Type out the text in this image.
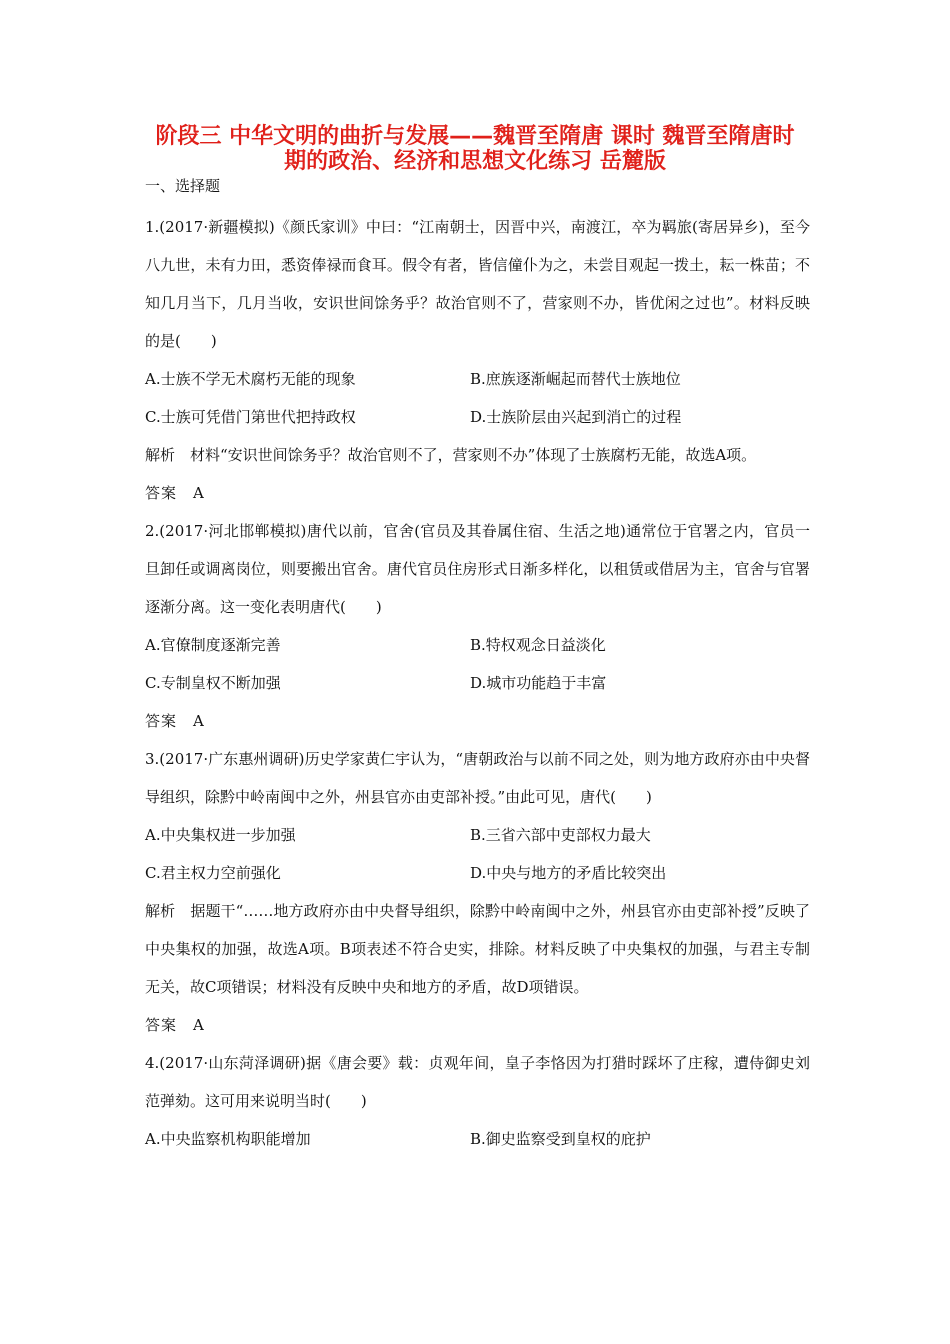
阶段三 中华文明的曲折与发展——魏晋至隋唐 课时 魏晋至隋唐时
期的政治、经济和思想文化练习 岳麓版
一、选择题
1.(2017·新疆模拟)《颜氏家训》中曰：“江南朝士，因晋中兴，南渡江，卒为羁旅(寄居异乡)，至今八九世，未有力田，悉资俸禄而食耳。假令有者，皆信僮仆为之，未尝目观起一拨土，耘一株苗；不知几月当下，几月当收，安识世间馀务乎？故治官则不了，营家则不办，皆优闲之过也”。材料反映的是(　　)
A.士族不学无术腐朽无能的现象	B.庶族逐渐崛起而替代士族地位
C.士族可凭借门第世代把持政权	D.士族阶层由兴起到消亡的过程
解析　材料“安识世间馀务乎？故治官则不了，营家则不办”体现了士族腐朽无能，故选A项。
答案　A
2.(2017·河北邯郸模拟)唐代以前，官舍(官员及其眷属住宿、生活之地)通常位于官署之内，官员一旦卸任或调离岗位，则要搬出官舍。唐代官员住房形式日渐多样化，以租赁或借居为主，官舍与官署逐渐分离。这一变化表明唐代(　　)
A.官僚制度逐渐完善	B.特权观念日益淡化
C.专制皇权不断加强	D.城市功能趋于丰富
答案　A
3.(2017·广东惠州调研)历史学家黄仁宇认为，“唐朝政治与以前不同之处，则为地方政府亦由中央督导组织，除黔中岭南闽中之外，州县官亦由吏部补授。”由此可见，唐代(　　)
A.中央集权进一步加强	B.三省六部中吏部权力最大
C.君主权力空前强化	D.中央与地方的矛盾比较突出
解析　据题干“……地方政府亦由中央督导组织，除黔中岭南闽中之外，州县官亦由吏部补授”反映了中央集权的加强，故选A项。B项表述不符合史实，排除。材料反映了中央集权的加强，与君主专制无关，故C项错误；材料没有反映中央和地方的矛盾，故D项错误。
答案　A
4.(2017·山东菏泽调研)据《唐会要》载：贞观年间，皇子李恪因为打猎时踩坏了庄稼，遭侍御史刘范弹劾。这可用来说明当时(　　)
A.中央监察机构职能增加	B.御史监察受到皇权的庇护
